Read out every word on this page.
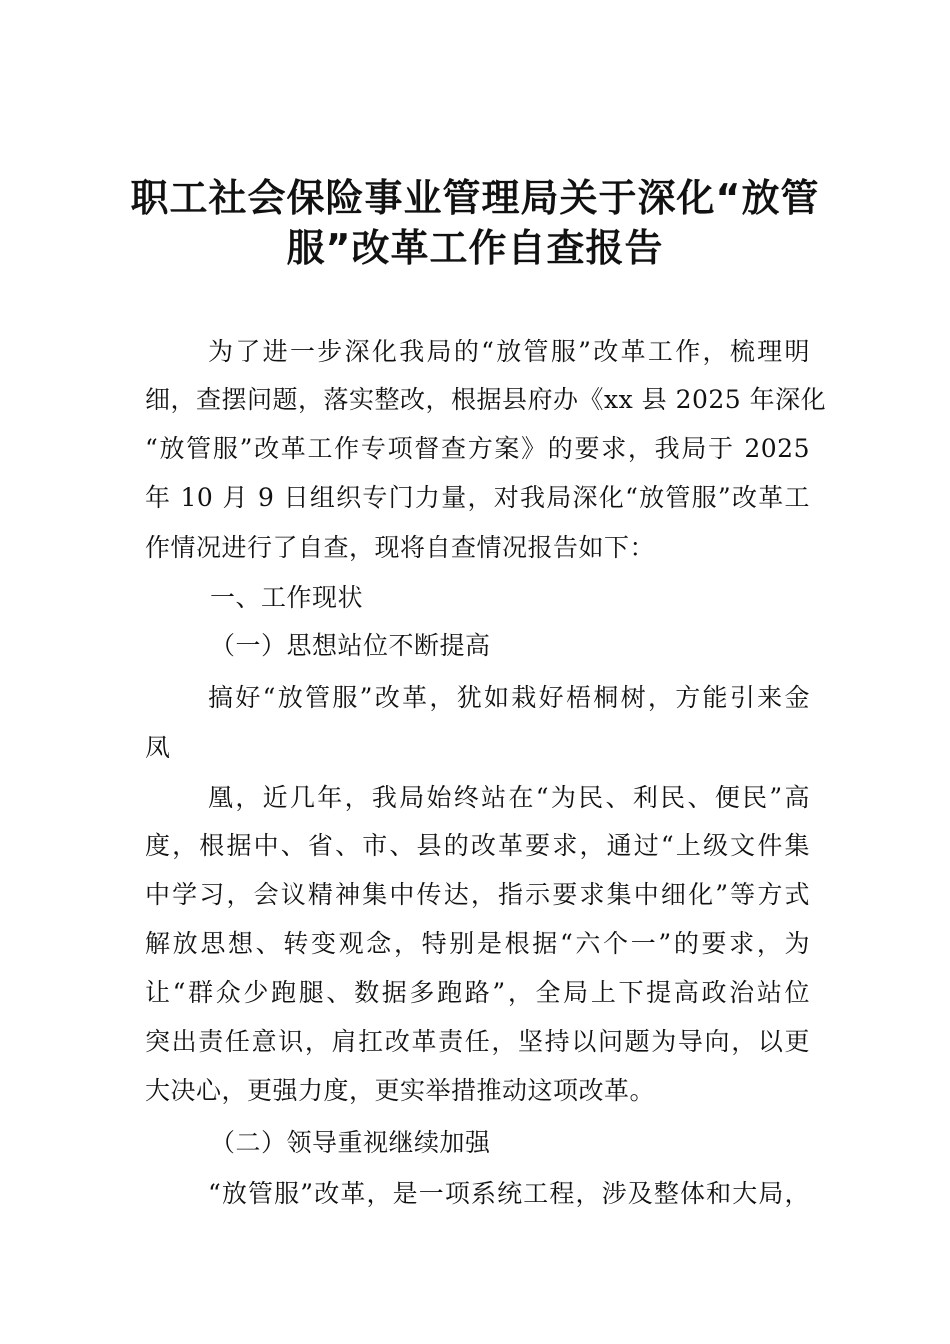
职工社会保险事业管理局关于深化“放管
服”改革工作自查报告

为了进一步深化我局的“放管服”改革工作，梳理明

细，查摆问题，落实整改，根据县府办《xx 县 2025 年深化

“放管服”改革工作专项督查方案》的要求，我局于 2025

年 10 月 9 日组织专门力量，对我局深化“放管服”改革工

作情况进行了自查，现将自查情况报告如下：

一、工作现状

（一）思想站位不断提高

搞好“放管服”改革，犹如栽好梧桐树，方能引来金

凤

凰，近几年，我局始终站在“为民、利民、便民”高

度，根据中、省、市、县的改革要求，通过“上级文件集

中学习，会议精神集中传达，指示要求集中细化”等方式

解放思想、转变观念，特别是根据“六个一”的要求，为

让“群众少跑腿、数据多跑路”，全局上下提高政治站位

突出责任意识，肩扛改革责任，坚持以问题为导向，以更

大决心，更强力度，更实举措推动这项改革。

（二）领导重视继续加强

“放管服”改革，是一项系统工程，涉及整体和大局，
